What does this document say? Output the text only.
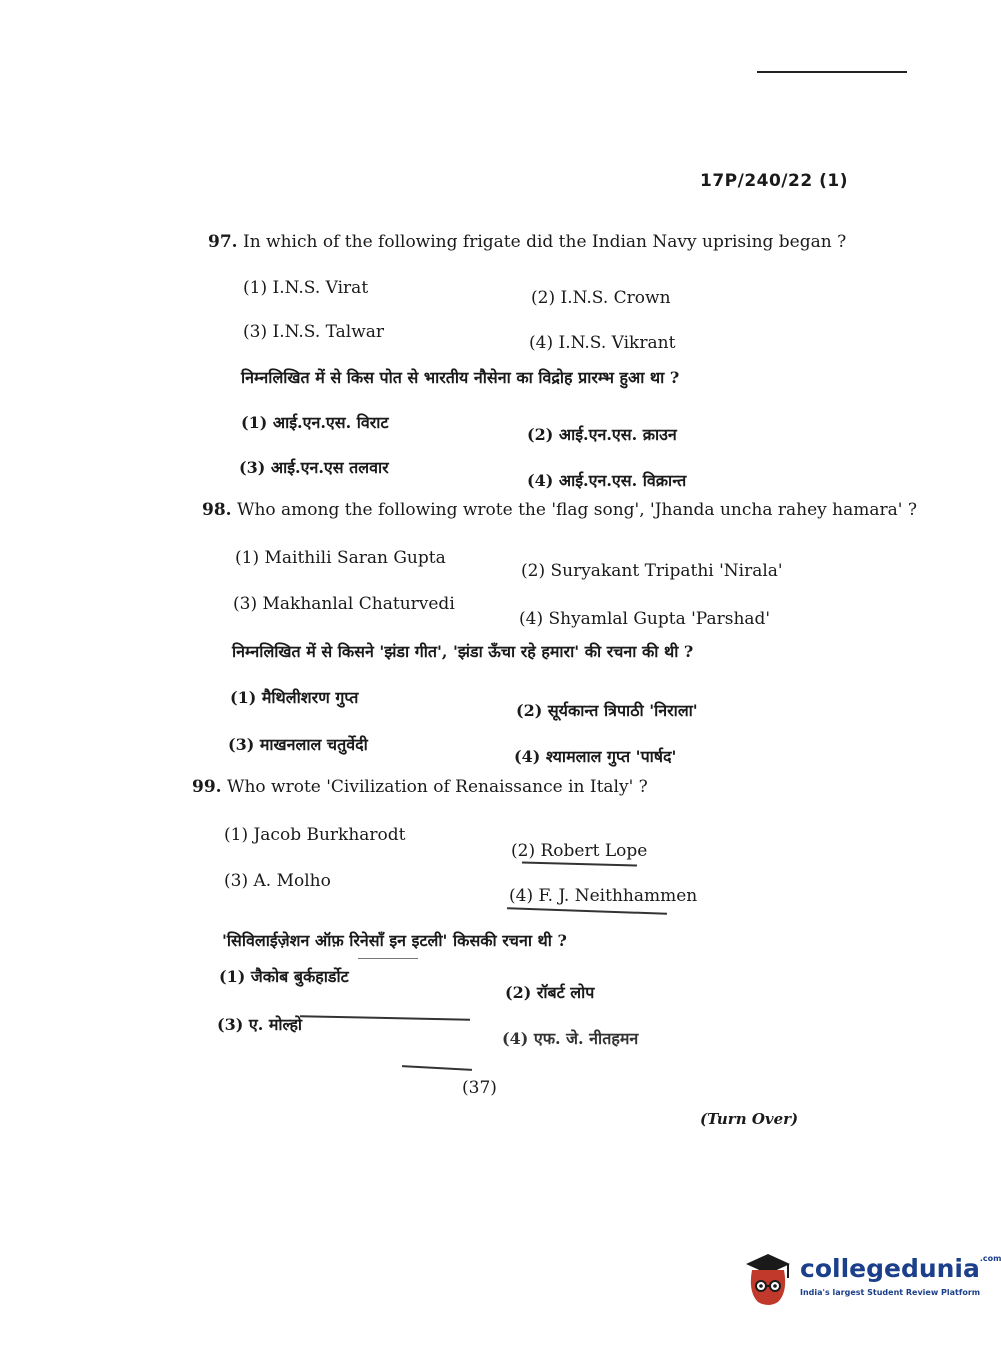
17P/240/22 (1)
97. In which of the following frigate did the Indian Navy uprising began ?
(1) I.N.S. Virat	(2) I.N.S. Crown
(3) I.N.S. Talwar
(4) I.N.S. Vikrant
निम्नलिखित में से किस पोत से भारतीय नौसेना का विद्रोह प्रारम्भ हुआ था ?
(1) आई.एन.एस. विराट
(2) आई.एन.एस. क्राउन
(3) आई.एन.एस तलवार
(4) आई.एन.एस. विक्रान्त
98. Who among the following wrote the 'flag song', 'Jhanda uncha rahey hamara' ?
(1) Maithili Saran Gupta
(2) Suryakant Tripathi 'Nirala'
(3) Makhanlal Chaturvedi
(4) Shyamlal Gupta 'Parshad'
निम्नलिखित में से किसने 'झंडा गीत', 'झंडा ऊँचा रहे हमारा' की रचना की थी ?
(1) मैथिलीशरण गुप्त
(2) सूर्यकान्त त्रिपाठी 'निराला'
(3) माखनलाल चतुर्वेदी
(4) श्यामलाल गुप्त 'पार्षद'
99. Who wrote 'Civilization of Renaissance in Italy' ?
(1) Jacob Burkharodt
(2) Robert Lope
(3) A. Molho
(4) F. J. Neithhammen
'सिविलाईज़ेशन ऑफ़ रिनेसाँ इन इटली' किसकी रचना थी ?
(1) जैकोब बुर्कहार्डोट
(2) रॉबर्ट लोप
(3) ए. मोल्हो
(4) एफ. जे. नीतहमन
(37)
(Turn Over)
collegedunia$^{.com}$
India's largest Student Review Platform
